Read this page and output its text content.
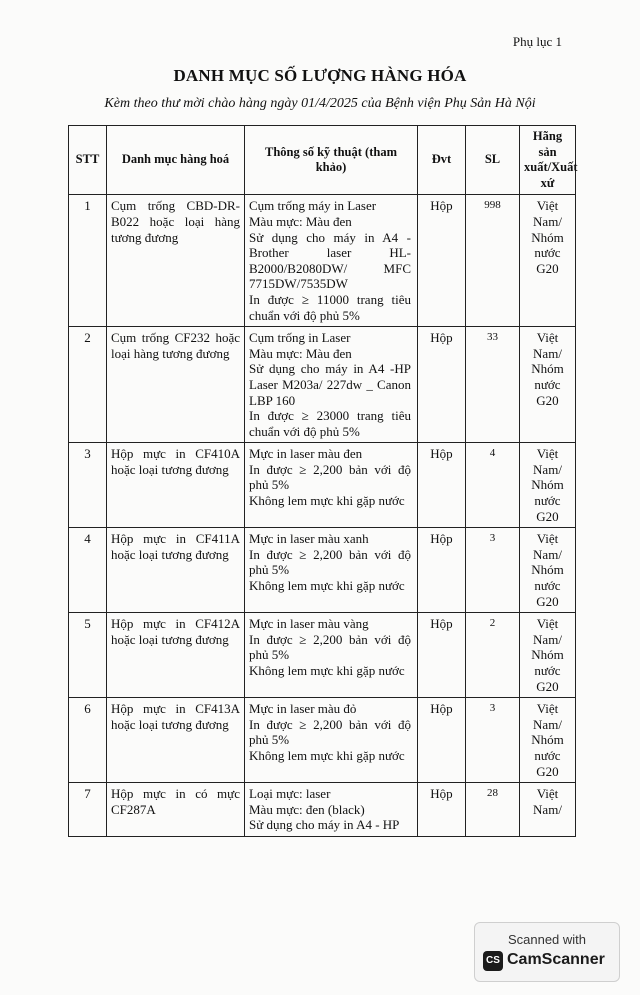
Phụ lục 1
DANH MỤC SỐ LƯỢNG HÀNG HÓA
Kèm theo thư mời chào hàng ngày 01/4/2025 của Bệnh viện Phụ Sản Hà Nội
STT	Danh mục hàng hoá	Thông số kỹ thuật (tham khảo)	Đvt	SL	Hãng sản xuất/Xuất xứ
1	Cụm trống CBD-DR-B022 hoặc loại hàng tương đương	Cụm trống máy in Laser
Màu mực: Màu đen
Sử dụng cho máy in A4 - Brother laser HL-B2000/B2080DW/ MFC 7715DW/7535DW
In được ≥ 11000 trang tiêu chuẩn với độ phủ 5%	Hộp	998	Việt
Nam/
Nhóm
nước
G20

2	Cụm trống CF232 hoặc loại hàng tương đương	Cụm trống in Laser
Màu mực: Màu đen
Sử dụng cho máy in A4 -HP Laser M203a/ 227dw _ Canon LBP 160
In được ≥ 23000 trang tiêu chuẩn với độ phủ 5%	Hộp	33	Việt
Nam/
Nhóm
nước
G20

3	Hộp mực in CF410A hoặc loại tương đương	Mực in laser màu đen
In được ≥ 2,200 bản với độ phủ 5%
Không lem mực khi gặp nước	Hộp	4	Việt
Nam/
Nhóm
nước
G20

4	Hộp mực in CF411A hoặc loại tương đương	Mực in laser màu xanh
In được ≥ 2,200 bản với độ phủ 5%
Không lem mực khi gặp nước	Hộp	3	Việt
Nam/
Nhóm
nước
G20

5	Hộp mực in CF412A hoặc loại tương đương	Mực in laser màu vàng
In được ≥ 2,200 bản với độ phủ 5%
Không lem mực khi gặp nước	Hộp	2	Việt
Nam/
Nhóm
nước
G20

6	Hộp mực in CF413A hoặc loại tương đương	Mực in laser màu đỏ
In được ≥ 2,200 bản với độ phủ 5%
Không lem mực khi gặp nước	Hộp	3	Việt
Nam/
Nhóm
nước
G20

7	Hộp mực in có mực CF287A	Loại mực: laser
Màu mực: đen (black)
Sử dụng cho máy in A4 - HP	Hộp	28	Việt
Nam/
Scanned with
CS CamScanner
